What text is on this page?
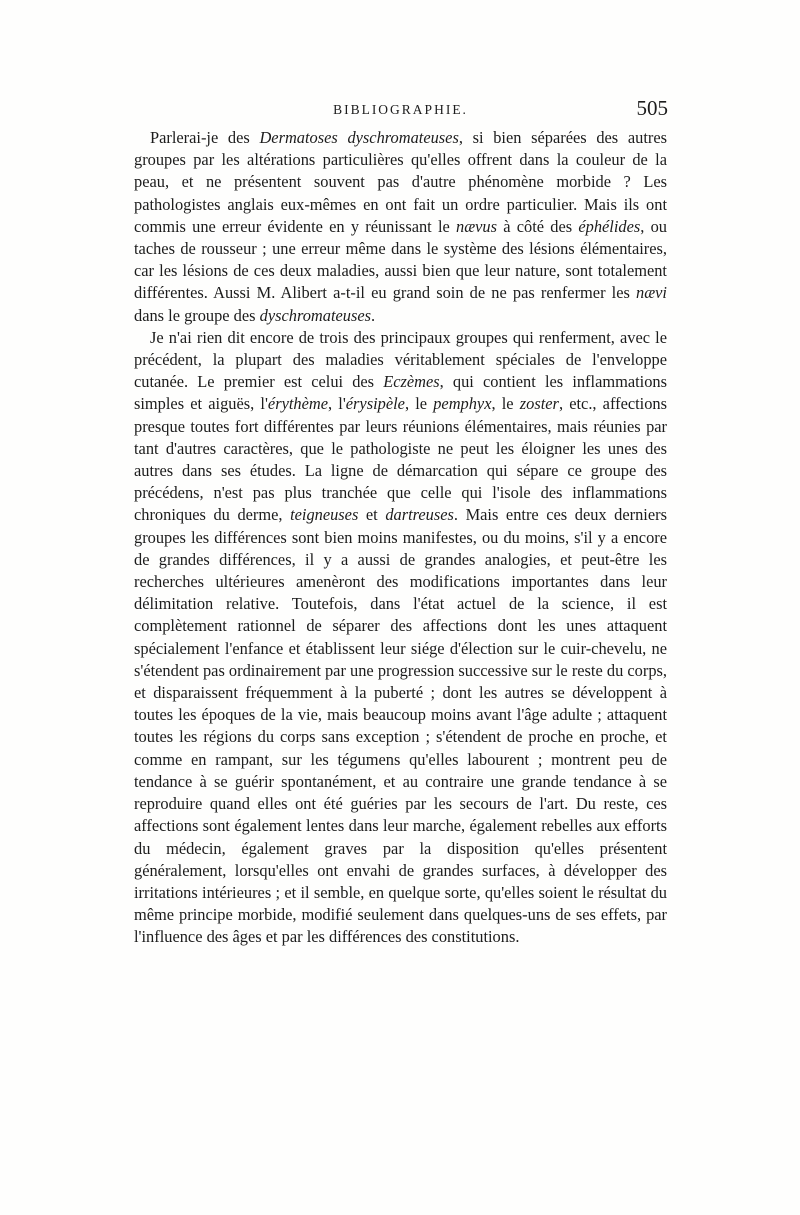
BIBLIOGRAPHIE.	505

Parlerai-je des Dermatoses dyschromateuses, si bien séparées des autres groupes par les altérations particulières qu'elles offrent dans la couleur de la peau, et ne présentent souvent pas d'autre phénomène morbide ? Les pathologistes anglais eux-mêmes en ont fait un ordre particulier. Mais ils ont commis une erreur évidente en y réunissant le nævus à côté des éphélides, ou taches de rousseur ; une erreur même dans le système des lésions élémentaires, car les lésions de ces deux maladies, aussi bien que leur nature, sont totalement différentes. Aussi M. Alibert a-t-il eu grand soin de ne pas renfermer les nævi dans le groupe des dyschromateuses.

Je n'ai rien dit encore de trois des principaux groupes qui renferment, avec le précédent, la plupart des maladies véritablement spéciales de l'enveloppe cutanée. Le premier est celui des Eczèmes, qui contient les inflammations simples et aiguës, l'érythème, l'érysipèle, le pemphyx, le zoster, etc., affections presque toutes fort différentes par leurs réunions élémentaires, mais réunies par tant d'autres caractères, que le pathologiste ne peut les éloigner les unes des autres dans ses études. La ligne de démarcation qui sépare ce groupe des précédens, n'est pas plus tranchée que celle qui l'isole des inflammations chroniques du derme, teigneuses et dartreuses. Mais entre ces deux derniers groupes les différences sont bien moins manifestes, ou du moins, s'il y a encore de grandes différences, il y a aussi de grandes analogies, et peut-être les recherches ultérieures amenèront des modifications importantes dans leur délimitation relative. Toutefois, dans l'état actuel de la science, il est complètement rationnel de séparer des affections dont les unes attaquent spécialement l'enfance et établissent leur siége d'élection sur le cuir-chevelu, ne s'étendent pas ordinairement par une progression successive sur le reste du corps, et disparaissent fréquemment à la puberté ; dont les autres se développent à toutes les époques de la vie, mais beaucoup moins avant l'âge adulte ; attaquent toutes les régions du corps sans exception ; s'étendent de proche en proche, et comme en rampant, sur les tégumens qu'elles labourent ; montrent peu de tendance à se guérir spontanément, et au contraire une grande tendance à se reproduire quand elles ont été guéries par les secours de l'art. Du reste, ces affections sont également lentes dans leur marche, également rebelles aux efforts du médecin, également graves par la disposition qu'elles présentent généralement, lorsqu'elles ont envahi de grandes surfaces, à développer des irritations intérieures ; et il semble, en quelque sorte, qu'elles soient le résultat du même principe morbide, modifié seulement dans quelques-uns de ses effets, par l'influence des âges et par les différences des constitutions.
